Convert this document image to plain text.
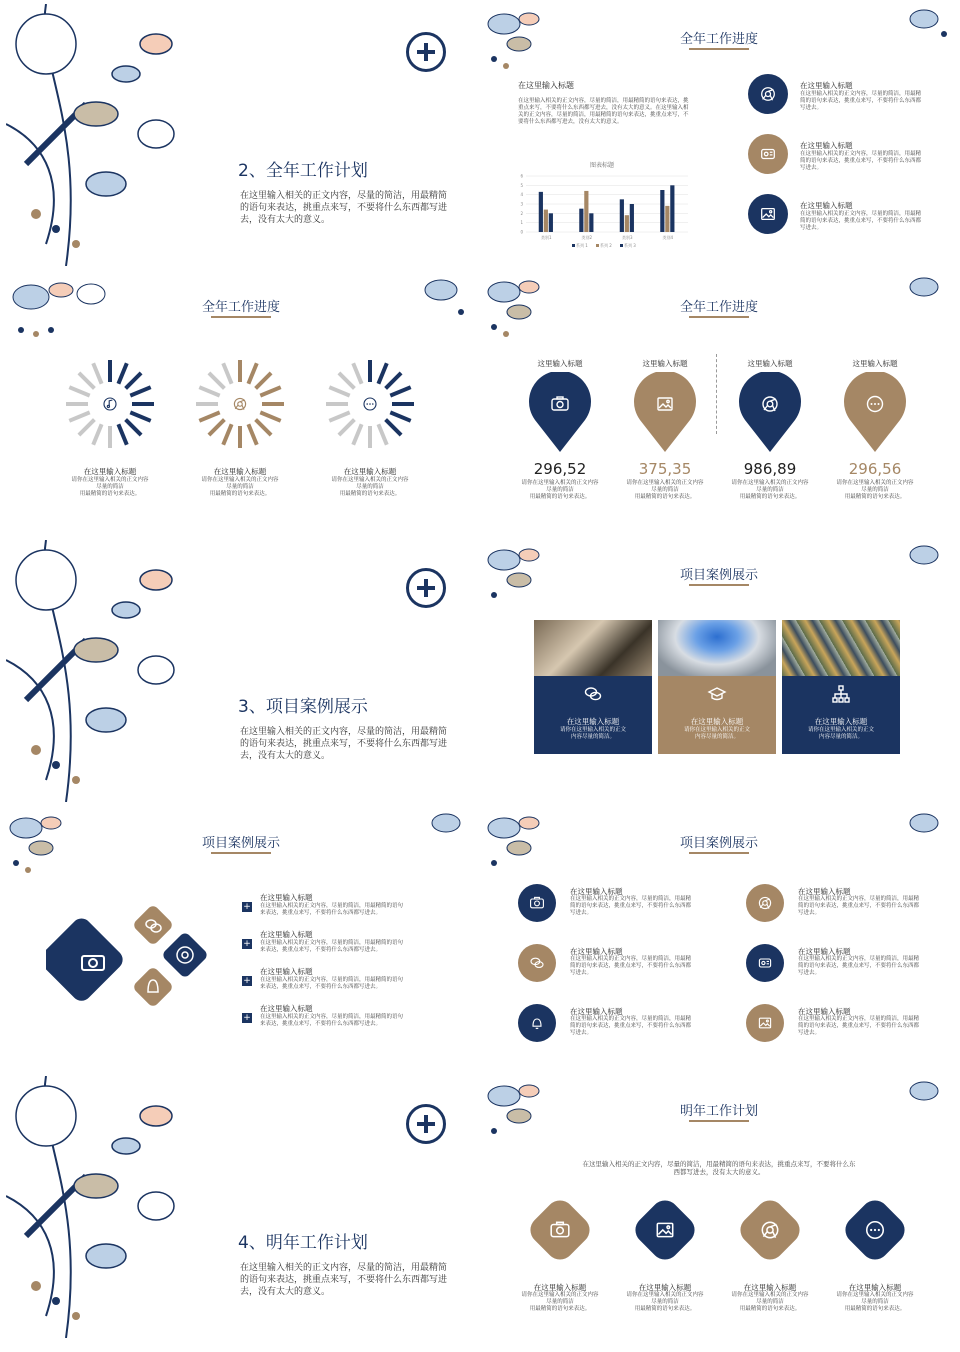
2、全年工作计划
在这里输入相关的正文内容，尽量的简洁，用最精简的语句来表达，挑重点来写，不要将什么东西都写进去，没有太大的意义。
全年工作进度
在这里输入标题
在这里输入相关的正文内容，尽量的简洁，用最精简的语句来表达，挑重点来写，不要将什么东西都写进去，没有太大的意义。在这里输入相关的正文内容，尽量的简洁，用最精简的语句来表达，挑重点来写，不要将什么东西都写进去，没有太大的意义。
图表标题
0
1
2
3
4
5
6
类别1	类别2	类别3	类别4
系列 1	系列 2	系列 3
在这里输入标题
在这里输入相关的正文内容，尽量的简洁，用最精简的语句来表达，挑重点来写，不要将什么东西都写进去。
在这里输入标题
在这里输入相关的正文内容，尽量的简洁，用最精简的语句来表达，挑重点来写，不要将什么东西都写进去。
在这里输入标题
在这里输入相关的正文内容，尽量的简洁，用最精简的语句来表达，挑重点来写，不要将什么东西都写进去。
全年工作进度
在这里输入标题
请你在这里输入相关的正文内容
尽量的简洁
用最精简的语句来表达。
在这里输入标题
请你在这里输入相关的正文内容
尽量的简洁
用最精简的语句来表达。
在这里输入标题
请你在这里输入相关的正文内容
尽量的简洁
用最精简的语句来表达。
全年工作进度
这里输入标题
296,52
请你在这里输入相关的正文内容
尽量的简洁
用最精简的语句来表达。
这里输入标题
375,35
请你在这里输入相关的正文内容
尽量的简洁
用最精简的语句来表达。
这里输入标题
986,89
请你在这里输入相关的正文内容
尽量的简洁
用最精简的语句来表达。
这里输入标题
296,56
请你在这里输入相关的正文内容
尽量的简洁
用最精简的语句来表达。
3、项目案例展示
在这里输入相关的正文内容，尽量的简洁，用最精简的语句来表达，挑重点来写，不要将什么东西都写进去，没有太大的意义。
项目案例展示
在这里输入标题
请你在这里输入相关的正文
内容尽量的简洁。
在这里输入标题
请你在这里输入相关的正文
内容尽量的简洁。
在这里输入标题
请你在这里输入相关的正文
内容尽量的简洁。
项目案例展示
+
在这里输入标题
在这里输入相关的正文内容，尽量的简洁，用最精简的语句
来表达，挑重点来写，不要将什么东西都写进去。
+
在这里输入标题
在这里输入相关的正文内容，尽量的简洁，用最精简的语句
来表达，挑重点来写，不要将什么东西都写进去。
+
在这里输入标题
在这里输入相关的正文内容，尽量的简洁，用最精简的语句
来表达，挑重点来写，不要将什么东西都写进去。
+
在这里输入标题
在这里输入相关的正文内容，尽量的简洁，用最精简的语句
来表达，挑重点来写，不要将什么东西都写进去。
项目案例展示
在这里输入标题
在这里输入相关的正文内容，尽量的简洁，用最精简的语句来表达，挑重点来写，不要将什么东西都写进去。
在这里输入标题
在这里输入相关的正文内容，尽量的简洁，用最精简的语句来表达，挑重点来写，不要将什么东西都写进去。
在这里输入标题
在这里输入相关的正文内容，尽量的简洁，用最精简的语句来表达，挑重点来写，不要将什么东西都写进去。
在这里输入标题
在这里输入相关的正文内容，尽量的简洁，用最精简的语句来表达，挑重点来写，不要将什么东西都写进去。
在这里输入标题
在这里输入相关的正文内容，尽量的简洁，用最精简的语句来表达，挑重点来写，不要将什么东西都写进去。
在这里输入标题
在这里输入相关的正文内容，尽量的简洁，用最精简的语句来表达，挑重点来写，不要将什么东西都写进去。
4、明年工作计划
在这里输入相关的正文内容，尽量的简洁，用最精简的语句来表达，挑重点来写，不要将什么东西都写进去，没有太大的意义。
明年工作计划
在这里输入相关的正文内容，尽量的简洁，用最精简的语句来表达，挑重点来写，不要将什么东西都写进去，没有太大的意义。
在这里输入标题
请你在这里输入相关的正文内容
尽量的简洁
用最精简的语句来表达。
在这里输入标题
请你在这里输入相关的正文内容
尽量的简洁
用最精简的语句来表达。
在这里输入标题
请你在这里输入相关的正文内容
尽量的简洁
用最精简的语句来表达。
在这里输入标题
请你在这里输入相关的正文内容
尽量的简洁
用最精简的语句来表达。
